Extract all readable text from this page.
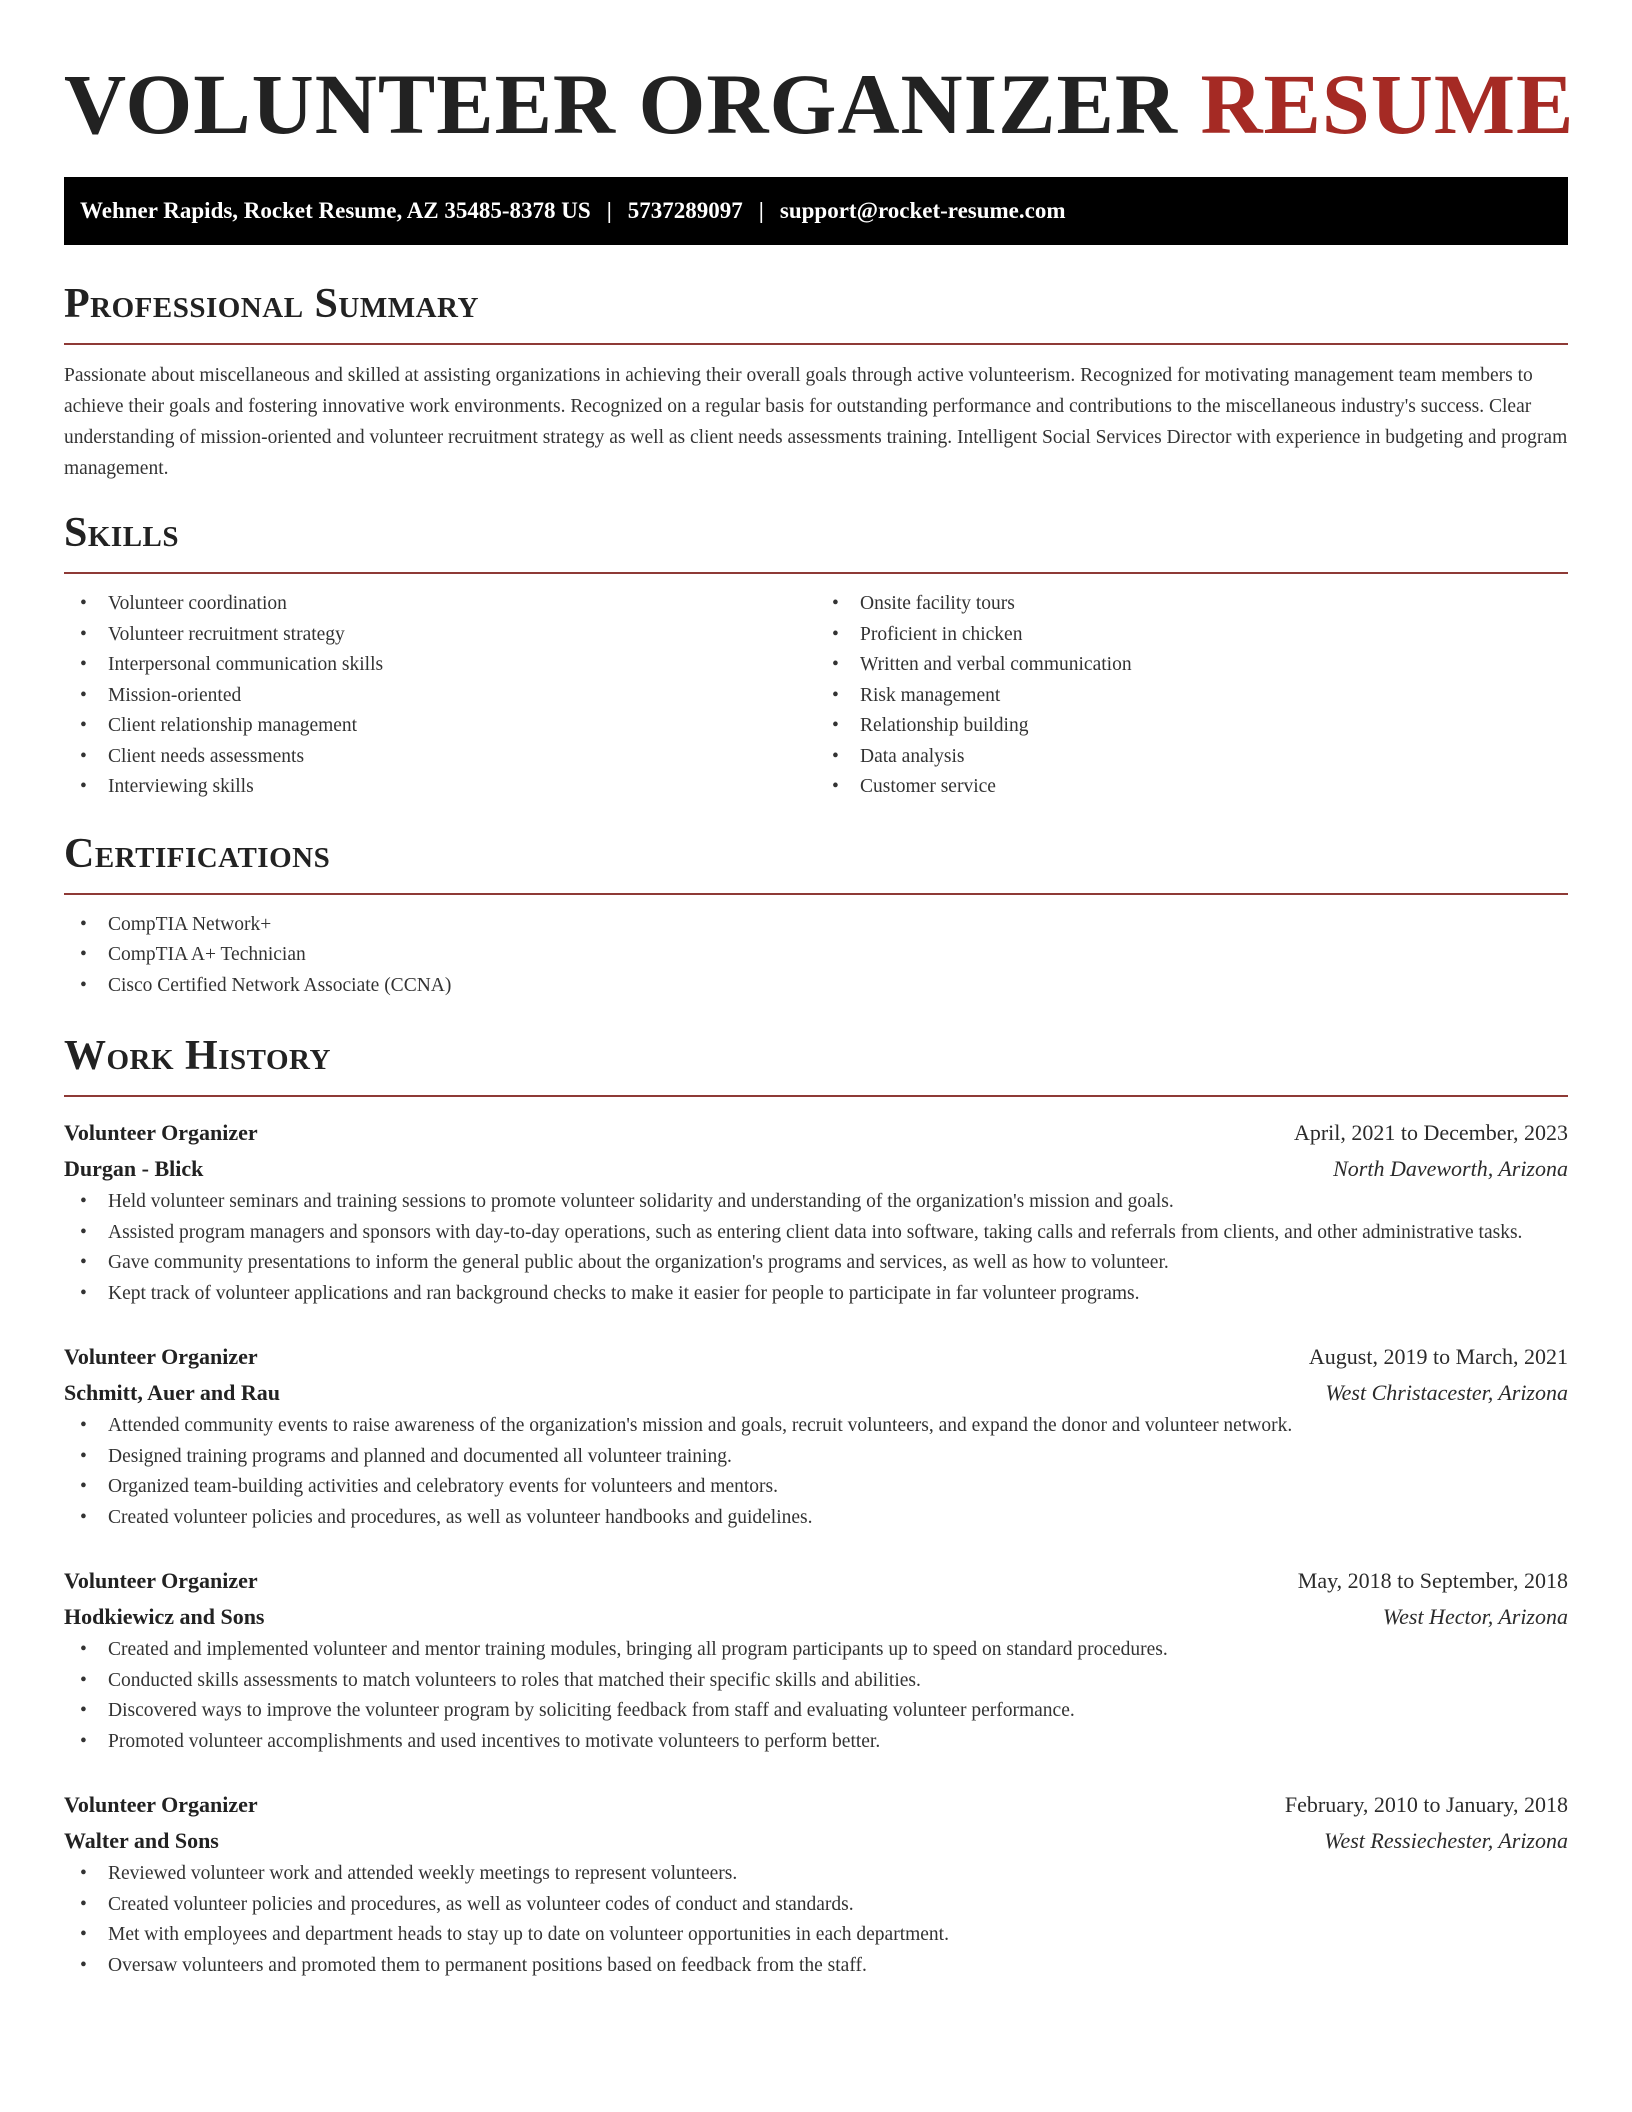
VOLUNTEER ORGANIZER RESUME
Wehner Rapids, Rocket Resume, AZ 35485-8378 US | 5737289097 | support@rocket-resume.com
Professional Summary

Passionate about miscellaneous and skilled at assisting organizations in achieving their overall goals through active volunteerism. Recognized for motivating management team members to achieve their goals and fostering innovative work environments. Recognized on a regular basis for outstanding performance and contributions to the miscellaneous industry's success. Clear understanding of mission-oriented and volunteer recruitment strategy as well as client needs assessments training. Intelligent Social Services Director with experience in budgeting and program management.

Skills
• Volunteer coordination
• Volunteer recruitment strategy
• Interpersonal communication skills
• Mission-oriented
• Client relationship management
• Client needs assessments
• Interviewing skills
• Onsite facility tours
• Proficient in chicken
• Written and verbal communication
• Risk management
• Relationship building
• Data analysis
• Customer service
Certifications
• CompTIA Network+
• CompTIA A+ Technician
• Cisco Certified Network Associate (CCNA)
Work History
Volunteer Organizer	April, 2021 to December, 2023
Durgan - Blick	North Daveworth, Arizona
• Held volunteer seminars and training sessions to promote volunteer solidarity and understanding of the organization's mission and goals.
• Assisted program managers and sponsors with day-to-day operations, such as entering client data into software, taking calls and referrals from clients, and other administrative tasks.
• Gave community presentations to inform the general public about the organization's programs and services, as well as how to volunteer.
• Kept track of volunteer applications and ran background checks to make it easier for people to participate in far volunteer programs.
Volunteer Organizer	August, 2019 to March, 2021
Schmitt, Auer and Rau	West Christacester, Arizona
• Attended community events to raise awareness of the organization's mission and goals, recruit volunteers, and expand the donor and volunteer network.
• Designed training programs and planned and documented all volunteer training.
• Organized team-building activities and celebratory events for volunteers and mentors.
• Created volunteer policies and procedures, as well as volunteer handbooks and guidelines.
Volunteer Organizer	May, 2018 to September, 2018
Hodkiewicz and Sons	West Hector, Arizona
• Created and implemented volunteer and mentor training modules, bringing all program participants up to speed on standard procedures.
• Conducted skills assessments to match volunteers to roles that matched their specific skills and abilities.
• Discovered ways to improve the volunteer program by soliciting feedback from staff and evaluating volunteer performance.
• Promoted volunteer accomplishments and used incentives to motivate volunteers to perform better.
Volunteer Organizer	February, 2010 to January, 2018
Walter and Sons	West Ressiechester, Arizona
• Reviewed volunteer work and attended weekly meetings to represent volunteers.
• Created volunteer policies and procedures, as well as volunteer codes of conduct and standards.
• Met with employees and department heads to stay up to date on volunteer opportunities in each department.
• Oversaw volunteers and promoted them to permanent positions based on feedback from the staff.
